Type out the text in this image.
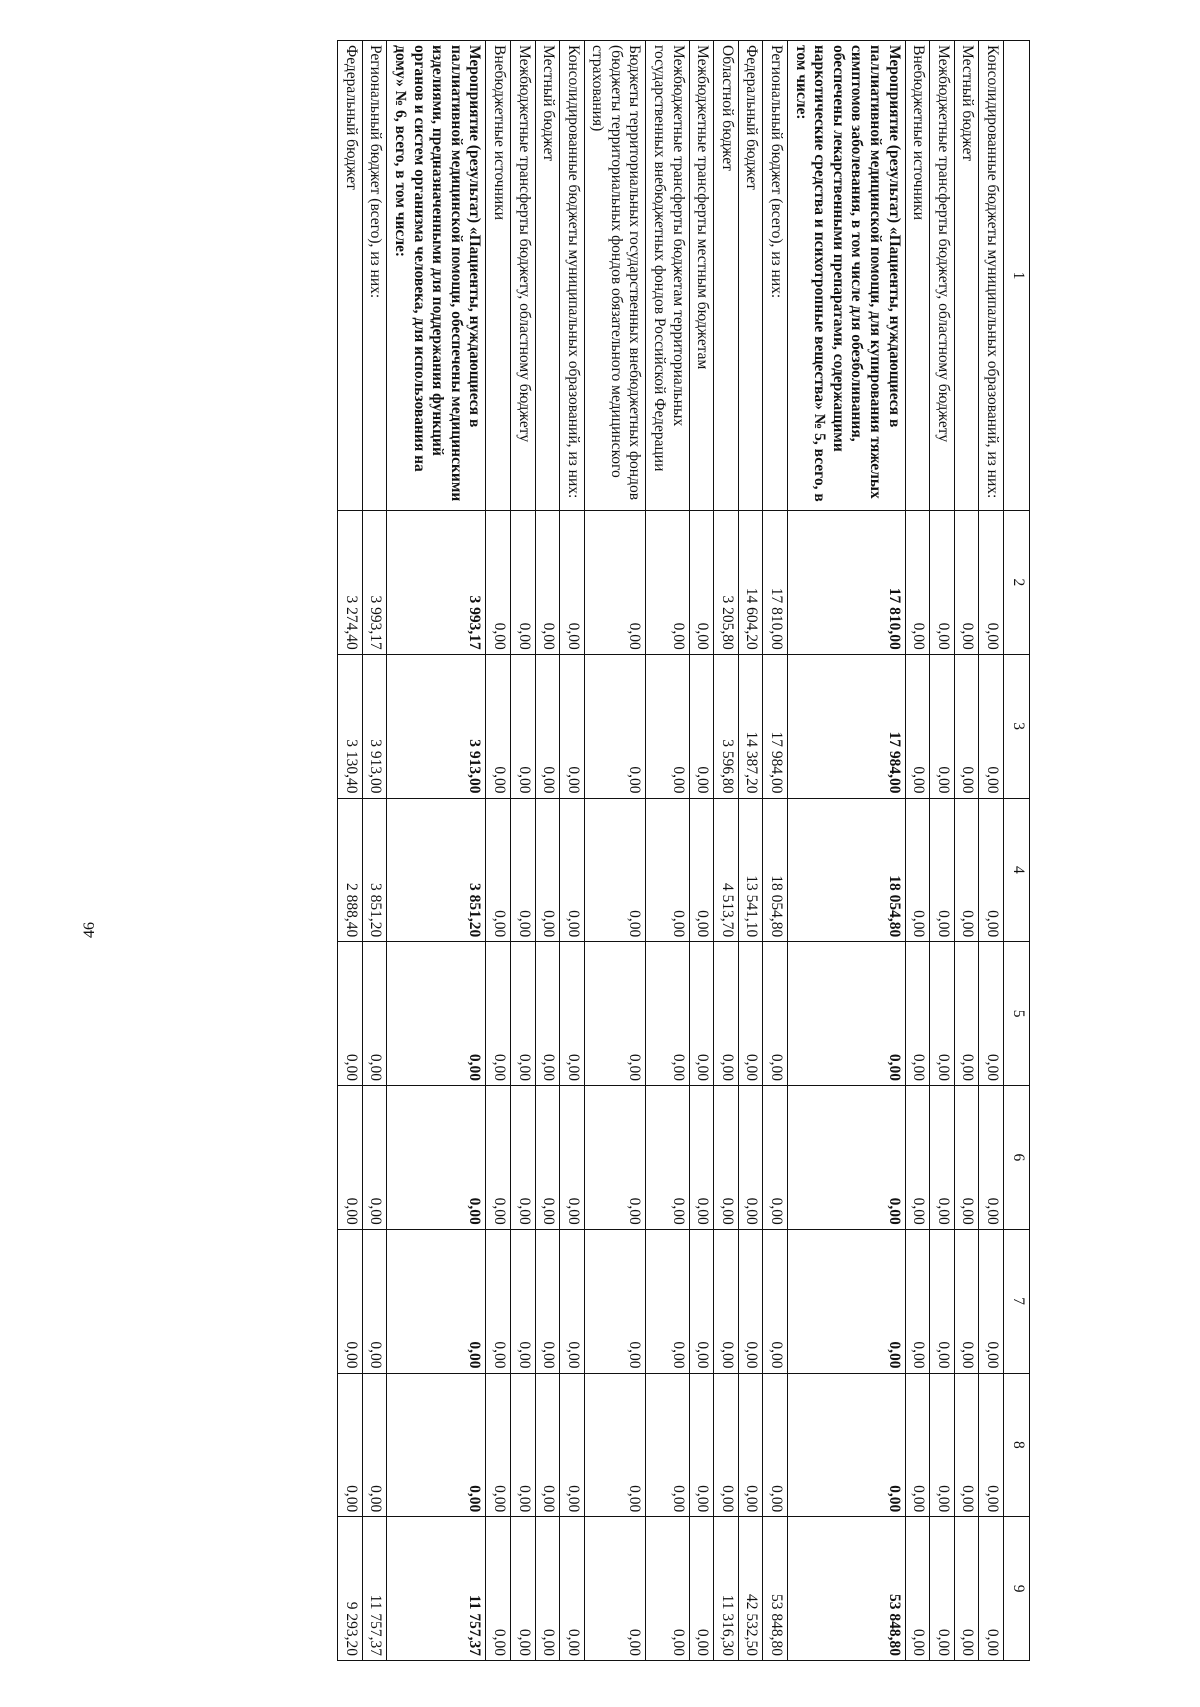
46
1	2	3	4	5	6	7	8	9
Консолидированные бюджеты муниципальных образований, из них:	0,00	0,00	0,00	0,00	0,00	0,00	0,00	0,00
Местный бюджет	0,00	0,00	0,00	0,00	0,00	0,00	0,00	0,00
Межбюджетные трансферты бюджету, областному бюджету	0,00	0,00	0,00	0,00	0,00	0,00	0,00	0,00
Внебюджетные источники	0,00	0,00	0,00	0,00	0,00	0,00	0,00	0,00
Мероприятие (результат) «Пациенты, нуждающиеся в паллиативной медицинской помощи, для купирования тяжелых симптомов заболевания, в том числе для обезболивания, обеспечены лекарственными препаратами, содержащими наркотические средства и психотропные вещества» № 5, всего, в том числе:	17 810,00	17 984,00	18 054,80	0,00	0,00	0,00	0,00	53 848,80
Региональный бюджет (всего), из них:	17 810,00	17 984,00	18 054,80	0,00	0,00	0,00	0,00	53 848,80
Федеральный бюджет	14 604,20	14 387,20	13 541,10	0,00	0,00	0,00	0,00	42 532,50
Областной бюджет	3 205,80	3 596,80	4 513,70	0,00	0,00	0,00	0,00	11 316,30
Межбюджетные трансферты местным бюджетам	0,00	0,00	0,00	0,00	0,00	0,00	0,00	0,00
Межбюджетные трансферты бюджетам территориальных государственных внебюджетных фондов Российской Федерации	0,00	0,00	0,00	0,00	0,00	0,00	0,00	0,00
Бюджеты территориальных государственных внебюджетных фондов (бюджеты территориальных фондов обязательного медицинского страхования)	0,00	0,00	0,00	0,00	0,00	0,00	0,00	0,00
Консолидированные бюджеты муниципальных образований, из них:	0,00	0,00	0,00	0,00	0,00	0,00	0,00	0,00
Местный бюджет	0,00	0,00	0,00	0,00	0,00	0,00	0,00	0,00
Межбюджетные трансферты бюджету, областному бюджету	0,00	0,00	0,00	0,00	0,00	0,00	0,00	0,00
Внебюджетные источники	0,00	0,00	0,00	0,00	0,00	0,00	0,00	0,00
Мероприятие (результат) «Пациенты, нуждающиеся в паллиативной медицинской помощи, обеспечены медицинскими изделиями, предназначенными для поддержания функций органов и систем организма человека, для использования на дому» № 6, всего, в том числе:	3 993,17	3 913,00	3 851,20	0,00	0,00	0,00	0,00	11 757,37
Региональный бюджет (всего), из них:	3 993,17	3 913,00	3 851,20	0,00	0,00	0,00	0,00	11 757,37
Федеральный бюджет	3 274,40	3 130,40	2 888,40	0,00	0,00	0,00	0,00	9 293,20
